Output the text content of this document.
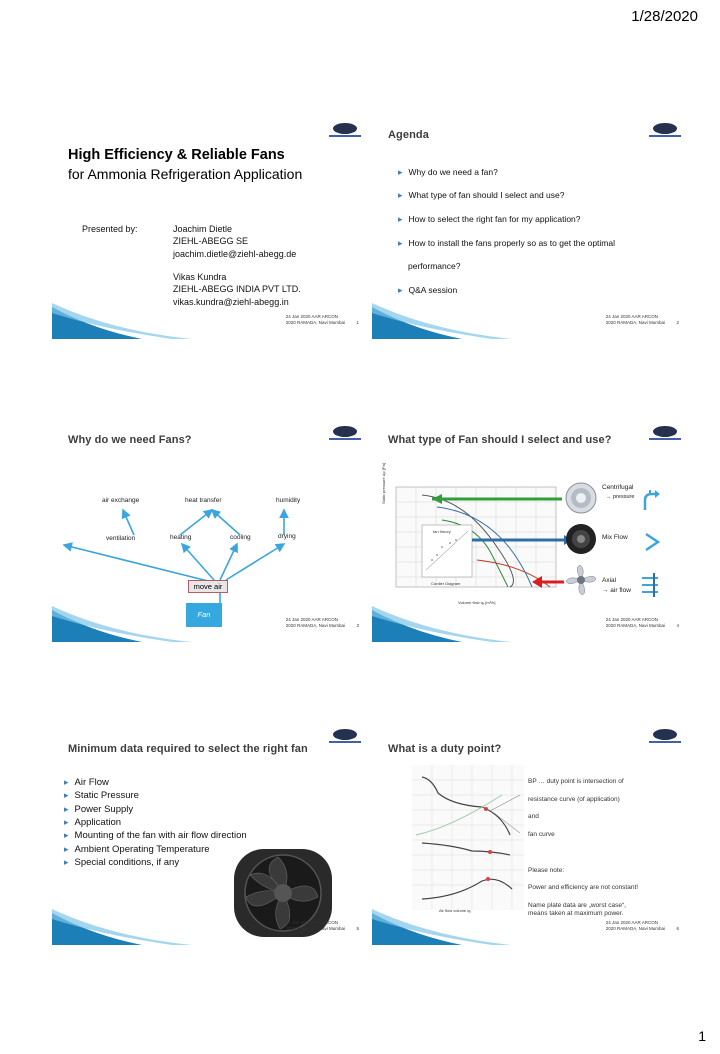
1/28/2020
High Efficiency & Reliable Fans
for Ammonia Refrigeration Application
Presented by:	Joachim Dietle
ZIEHL-ABEGG SE
joachim.dietle@ziehl-abegg.de
Vikas Kundra
ZIEHL-ABEGG INDIA PVT LTD.
vikas.kundra@ziehl-abegg.in
24 Jan 2020 AAR ARCON
2020 RAMADA, Navi Mumbai	1
Agenda
▸ Why do we need a fan?
▸ What type of fan should I select and use?
▸ How to select the right fan for my application?
▸ How to install the fans properly so as to get the optimal
performance?
▸ Q&A session
24 Jan 2020 AAR ARCON
2020 RAMADA, Navi Mumbai	2
Why do we need Fans?
air exchange	heat transfer	humidity
ventilation	heating	cooling	drying
move air
Fan
24 Jan 2020 AAR ARCON
2020 RAMADA, Navi Mumbai	3
What type of Fan should I select and use?
fan theory
Cordier Diagram
Static pressure Δp [Pa]
Volume flow qᵥ [m³/h]
Centrifugal
→ pressure
Mix Flow
Axial
→ air flow
24 Jan 2020 AAR ARCON
2020 RAMADA, Navi Mumbai	4
Minimum data required to select the right fan
▸ Air Flow
▸ Static Pressure
▸ Power Supply
▸ Application
▸ Mounting of the fan with air flow direction
▸ Ambient Operating Temperature
▸ Special conditions, if any
24 Jan 2020 AAR ARCON
2020 RAMADA, Navi Mumbai	5
What is a duty point?
BP … duty point is intersection of
resistance curve (of application)
and
fan curve
Please note:
Power and efficiency are not constant!
Name plate data are „worst case“,
means taken at maximum power.
Air flow volume qᵥ
24 Jan 2020 AAR ARCON
2020 RAMADA, Navi Mumbai	6
1
